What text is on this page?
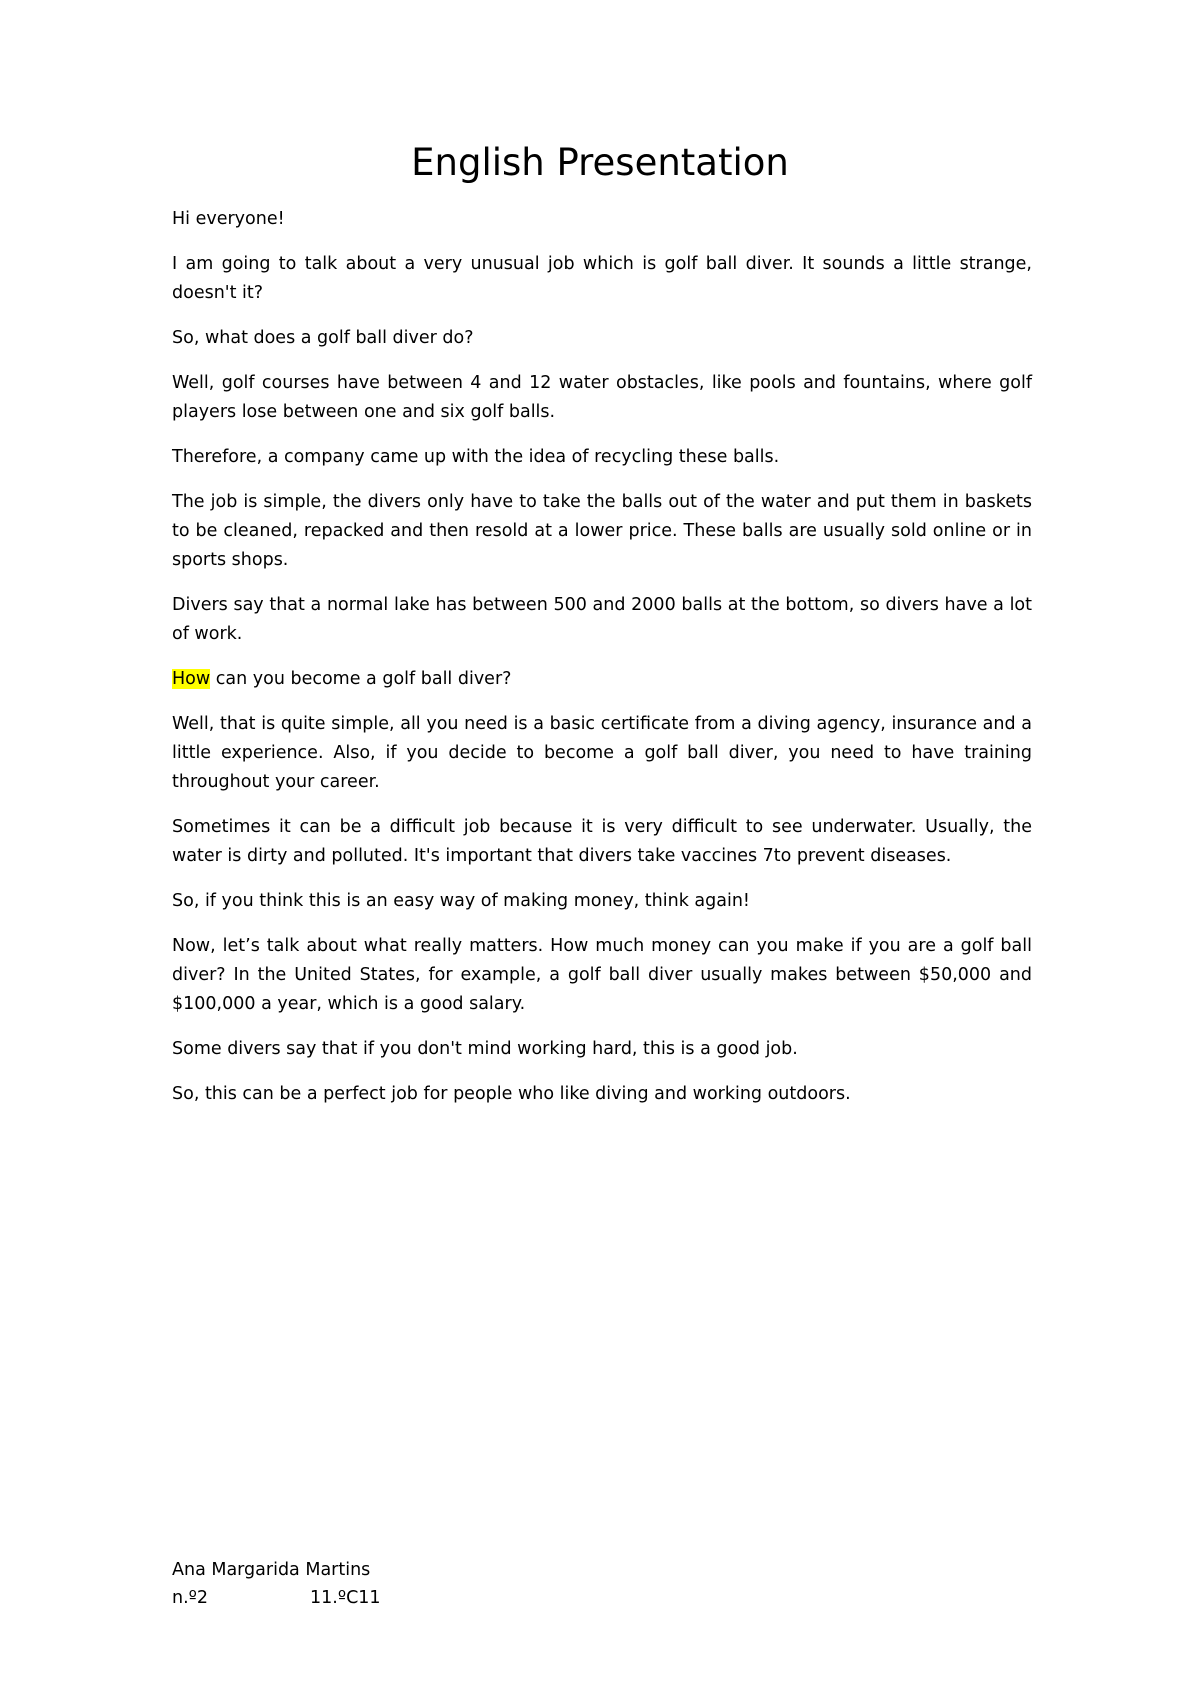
English Presentation

Hi everyone!

I am going to talk about a very unusual job which is golf ball diver. It sounds a little strange, doesn't it?

So, what does a golf ball diver do?

Well, golf courses have between 4 and 12 water obstacles, like pools and fountains, where golf players lose between one and six golf balls.

Therefore, a company came up with the idea of recycling these balls.

The job is simple, the divers only have to take the balls out of the water and put them in baskets to be cleaned, repacked and then resold at a lower price. These balls are usually sold online or in sports shops.

Divers say that a normal lake has between 500 and 2000 balls at the bottom, so divers have a lot of work.

How can you become a golf ball diver?

Well, that is quite simple, all you need is a basic certificate from a diving agency, insurance and a little experience. Also, if you decide to become a golf ball diver, you need to have training throughout your career.

Sometimes it can be a difficult job because it is very difficult to see underwater. Usually, the water is dirty and polluted. It's important that divers take vaccines 7to prevent diseases.

So, if you think this is an easy way of making money, think again!

Now, let’s talk about what really matters. How much money can you make if you are a golf ball diver? In the United States, for example, a golf ball diver usually makes between $50,000 and $100,000 a year, which is a good salary.

Some divers say that if you don't mind working hard, this is a good job.

So, this can be a perfect job for people who like diving and working outdoors.

Ana Margarida Martins
n.º2	11.ºC11
